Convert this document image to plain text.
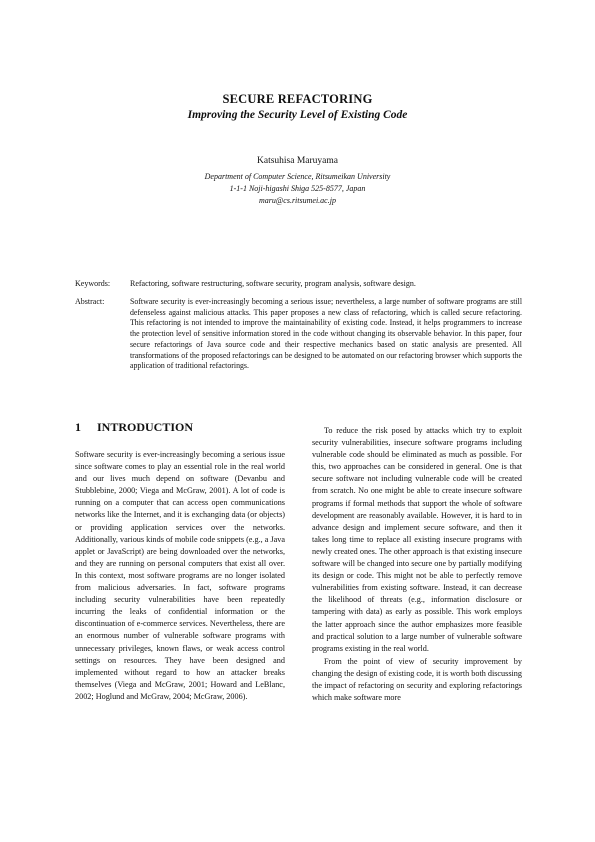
SECURE REFACTORING
Improving the Security Level of Existing Code
Katsuhisa Maruyama
Department of Computer Science, Ritsumeikan University
1-1-1 Noji-higashi Shiga 525-8577, Japan
maru@cs.ritsumei.ac.jp
Keywords: Refactoring, software restructuring, software security, program analysis, software design.
Abstract:	Software security is ever-increasingly becoming a serious issue; nevertheless, a large number of software programs are still defenseless against malicious attacks. This paper proposes a new class of refactoring, which is called secure refactoring. This refactoring is not intended to improve the maintainability of existing code. Instead, it helps programmers to increase the protection level of sensitive information stored in the code without changing its observable behavior. In this paper, four secure refactorings of Java source code and their respective mechanics based on static analysis are presented. All transformations of the proposed refactorings can be designed to be automated on our refactoring browser which supports the application of traditional refactorings.
1 INTRODUCTION

Software security is ever-increasingly becoming a serious issue since software comes to play an essential role in the real world and our lives much depend on software (Devanbu and Stubblebine, 2000; Viega and McGraw, 2001). A lot of code is running on a computer that can access open communications networks like the Internet, and it is exchanging data (or objects) or providing application services over the networks. Additionally, various kinds of mobile code snippets (e.g., a Java applet or JavaScript) are being downloaded over the networks, and they are running on personal computers that exist all over. In this context, most software programs are no longer isolated from malicious adversaries. In fact, software programs including security vulnerabilities have been repeatedly incurring the leaks of confidential information or the discontinuation of e-commerce services. Nevertheless, there are an enormous number of vulnerable software programs with unnecessary privileges, known flaws, or weak access control settings on resources. They have been designed and implemented without regard to how an attacker breaks themselves (Viega and McGraw, 2001; Howard and LeBlanc, 2002; Hoglund and McGraw, 2004; McGraw, 2006).

To reduce the risk posed by attacks which try to exploit security vulnerabilities, insecure software programs including vulnerable code should be eliminated as much as possible. For this, two approaches can be considered in general. One is that secure software not including vulnerable code will be created from scratch. No one might be able to create insecure software programs if formal methods that support the whole of software development are reasonably available. However, it is hard to in advance design and implement secure software, and then it takes long time to replace all existing insecure programs with newly created ones. The other approach is that existing insecure software will be changed into secure one by partially modifying its design or code. This might not be able to perfectly remove vulnerabilities from existing software. Instead, it can decrease the likelihood of threats (e.g., information disclosure or tampering with data) as early as possible. This work employs the latter approach since the author emphasizes more feasible and practical solution to a large number of vulnerable software programs existing in the real world.

From the point of view of security improvement by changing the design of existing code, it is worth both discussing the impact of refactoring on security and exploring refactorings which make software more
